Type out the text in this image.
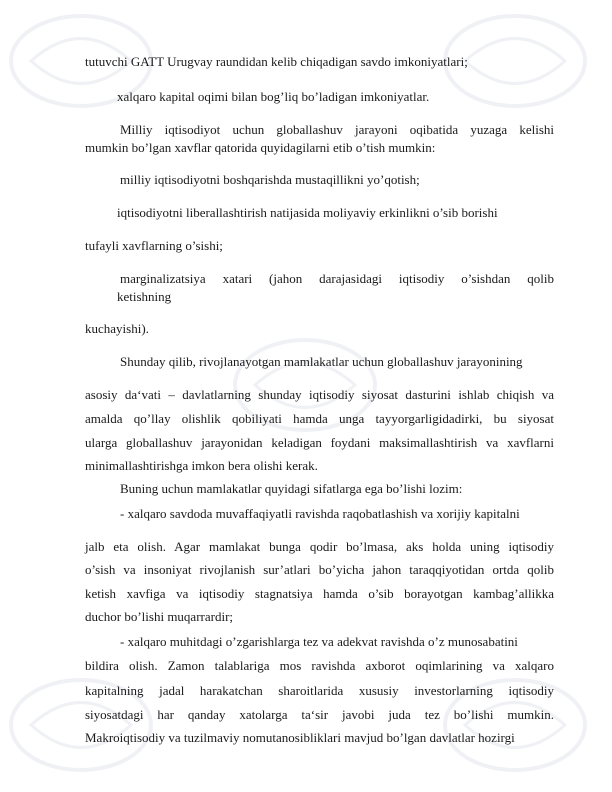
tutuvchi GATT Urugvay raundidan kelib chiqadigan savdo imkoniyatlari;
xalqaro kapital oqimi bilan bog’liq bo’ladigan imkoniyatlar.
Milliy iqtisodiyot uchun globallashuv jarayoni oqibatida yuzaga kelishi
mumkin bo’lgan xavflar qatorida quyidagilarni etib o’tish mumkin:
milliy iqtisodiyotni boshqarishda mustaqillikni yo’qotish;
iqtisodiyotni liberallashtirish natijasida moliyaviy erkinlikni o’sib borishi
tufayli xavflarning o’sishi;
marginalizatsiya xatari (jahon darajasidagi iqtisodiy o’sishdan qolib
ketishning
kuchayishi).
Shunday qilib, rivojlanayotgan mamlakatlar uchun globallashuv jarayonining
asosiy da‘vati – davlatlarning shunday iqtisodiy siyosat dasturini ishlab chiqish va
amalda qo’llay olishlik qobiliyati hamda unga tayyorgarligidadirki, bu siyosat
ularga globallashuv jarayonidan keladigan foydani maksimallashtirish va xavflarni
minimallashtirishga imkon bera olishi kerak.
Buning uchun mamlakatlar quyidagi sifatlarga ega bo’lishi lozim:
- xalqaro savdoda muvaffaqiyatli ravishda raqobatlashish va xorijiy kapitalni
jalb eta olish. Agar mamlakat bunga qodir bo’lmasa, aks holda uning iqtisodiy
o’sish va insoniyat rivojlanish sur’atlari bo’yicha jahon taraqqiyotidan ortda qolib
ketish xavfiga va iqtisodiy stagnatsiya hamda o’sib borayotgan kambag’allikka
duchor bo’lishi muqarrardir;
- xalqaro muhitdagi o’zgarishlarga tez va adekvat ravishda o’z munosabatini
bildira olish. Zamon talablariga mos ravishda axborot oqimlarining va xalqaro
kapitalning jadal harakatchan sharoitlarida xususiy investorlarning iqtisodiy
siyosatdagi har qanday xatolarga ta‘sir javobi juda tez bo’lishi mumkin.
Makroiqtisodiy va tuzilmaviy nomutanosibliklari mavjud bo’lgan davlatlar hozirgi
